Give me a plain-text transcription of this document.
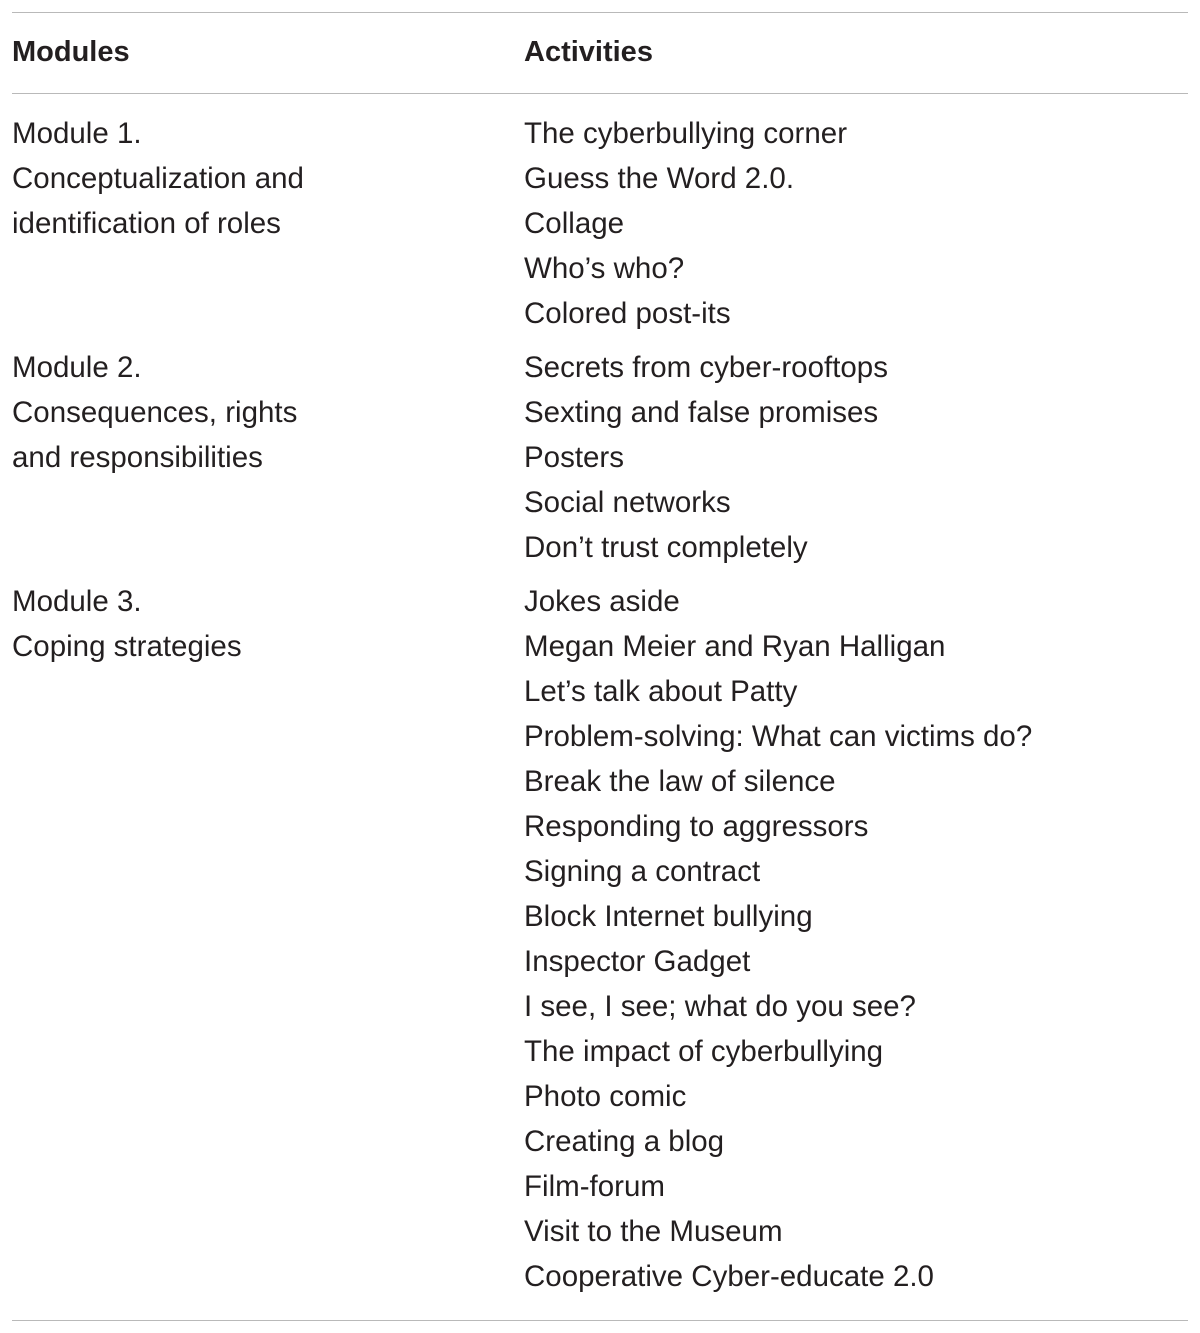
Modules	Activities
Module 1.
Conceptualization and
identification of roles
The cyberbullying corner
Guess the Word 2.0.
Collage
Who’s who?
Colored post-its
Module 2.
Consequences, rights
and responsibilities
Secrets from cyber-rooftops
Sexting and false promises
Posters
Social networks
Don’t trust completely
Module 3.
Coping strategies
Jokes aside
Megan Meier and Ryan Halligan
Let’s talk about Patty
Problem-solving: What can victims do?
Break the law of silence
Responding to aggressors
Signing a contract
Block Internet bullying
Inspector Gadget
I see, I see; what do you see?
The impact of cyberbullying
Photo comic
Creating a blog
Film-forum
Visit to the Museum
Cooperative Cyber-educate 2.0
